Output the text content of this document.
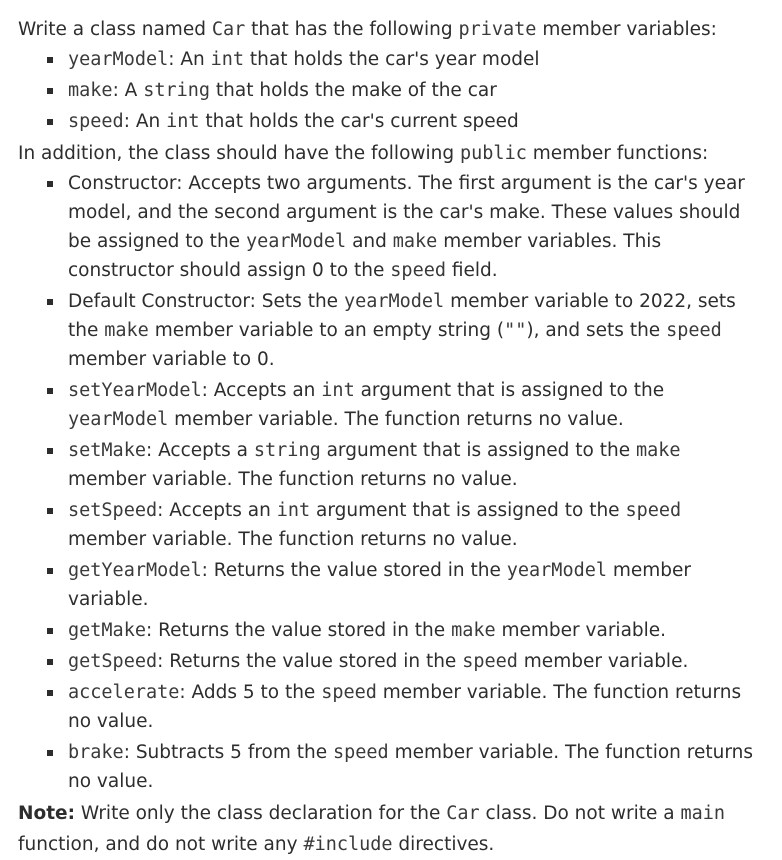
Write a class named Car that has the following private member variables:

yearModel: An int that holds the car's year model
make: A string that holds the make of the car
speed: An int that holds the car's current speed

In addition, the class should have the following public member functions:

Constructor: Accepts two arguments. The first argument is the car's year model, and the second argument is the car's make. These values should be assigned to the yearModel and make member variables. This constructor should assign 0 to the speed field.
Default Constructor: Sets the yearModel member variable to 2022, sets the make member variable to an empty string (""), and sets the speed member variable to 0.
setYearModel: Accepts an int argument that is assigned to the yearModel member variable. The function returns no value.
setMake: Accepts a string argument that is assigned to the make member variable. The function returns no value.
setSpeed: Accepts an int argument that is assigned to the speed member variable. The function returns no value.
getYearModel: Returns the value stored in the yearModel member variable.
getMake: Returns the value stored in the make member variable.
getSpeed: Returns the value stored in the speed member variable.
accelerate: Adds 5 to the speed member variable. The function returns no value.
brake: Subtracts 5 from the speed member variable. The function returns no value.

Note: Write only the class declaration for the Car class. Do not write a main function, and do not write any #include directives.
